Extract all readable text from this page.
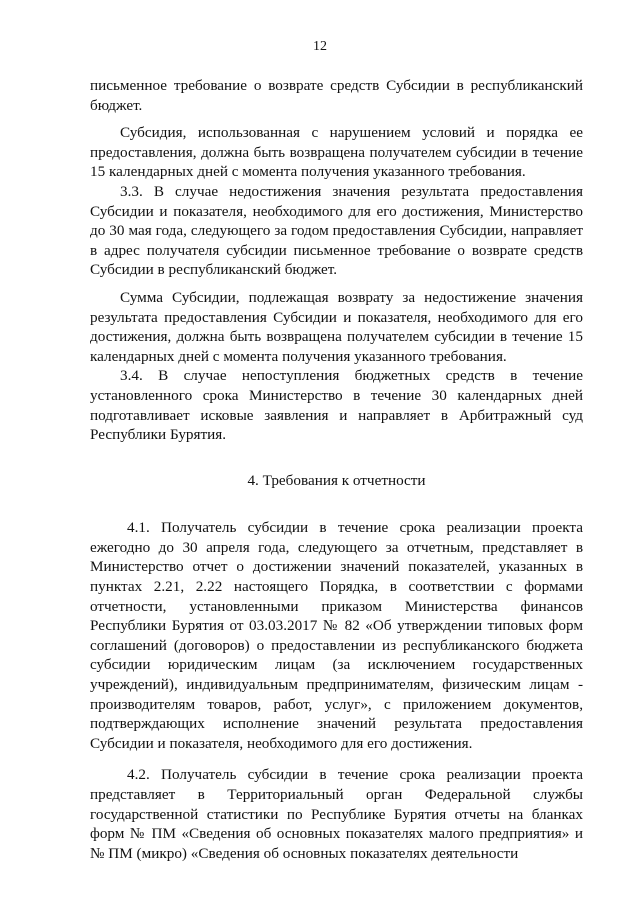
12

письменное требование о возврате средств Субсидии в республиканский бюджет.

Субсидия, использованная с нарушением условий и порядка ее предоставления, должна быть возвращена получателем субсидии в течение 15 календарных дней с момента получения указанного требования.

3.3. В случае недостижения значения результата предоставления Субсидии и показателя, необходимого для его достижения, Министерство до 30 мая года, следующего за годом предоставления Субсидии, направляет в адрес получателя субсидии письменное требование о возврате средств Субсидии в республиканский бюджет.

Сумма Субсидии, подлежащая возврату за недостижение значения результата предоставления Субсидии и показателя, необходимого для его достижения, должна быть возвращена получателем субсидии в течение 15 календарных дней с момента получения указанного требования.

3.4. В случае непоступления бюджетных средств в течение установленного срока Министерство в течение 30 календарных дней подготавливает исковые заявления и направляет в Арбитражный суд Республики Бурятия.

4. Требования к отчетности

4.1. Получатель субсидии в течение срока реализации проекта ежегодно до 30 апреля года, следующего за отчетным, представляет в Министерство отчет о достижении значений показателей, указанных в пунктах 2.21, 2.22 настоящего Порядка, в соответствии с формами отчетности, установленными приказом Министерства финансов Республики Бурятия от 03.03.2017 № 82 «Об утверждении типовых форм соглашений (договоров) о предоставлении из республиканского бюджета субсидии юридическим лицам (за исключением государственных учреждений), индивидуальным предпринимателям, физическим лицам - производителям товаров, работ, услуг», с приложением документов, подтверждающих исполнение значений результата предоставления Субсидии и показателя, необходимого для его достижения.

4.2. Получатель субсидии в течение срока реализации проекта представляет в Территориальный орган Федеральной службы государственной статистики по Республике Бурятия отчеты на бланках форм № ПМ «Сведения об основных показателях малого предприятия» и № ПМ (микро) «Сведения об основных показателях деятельности
